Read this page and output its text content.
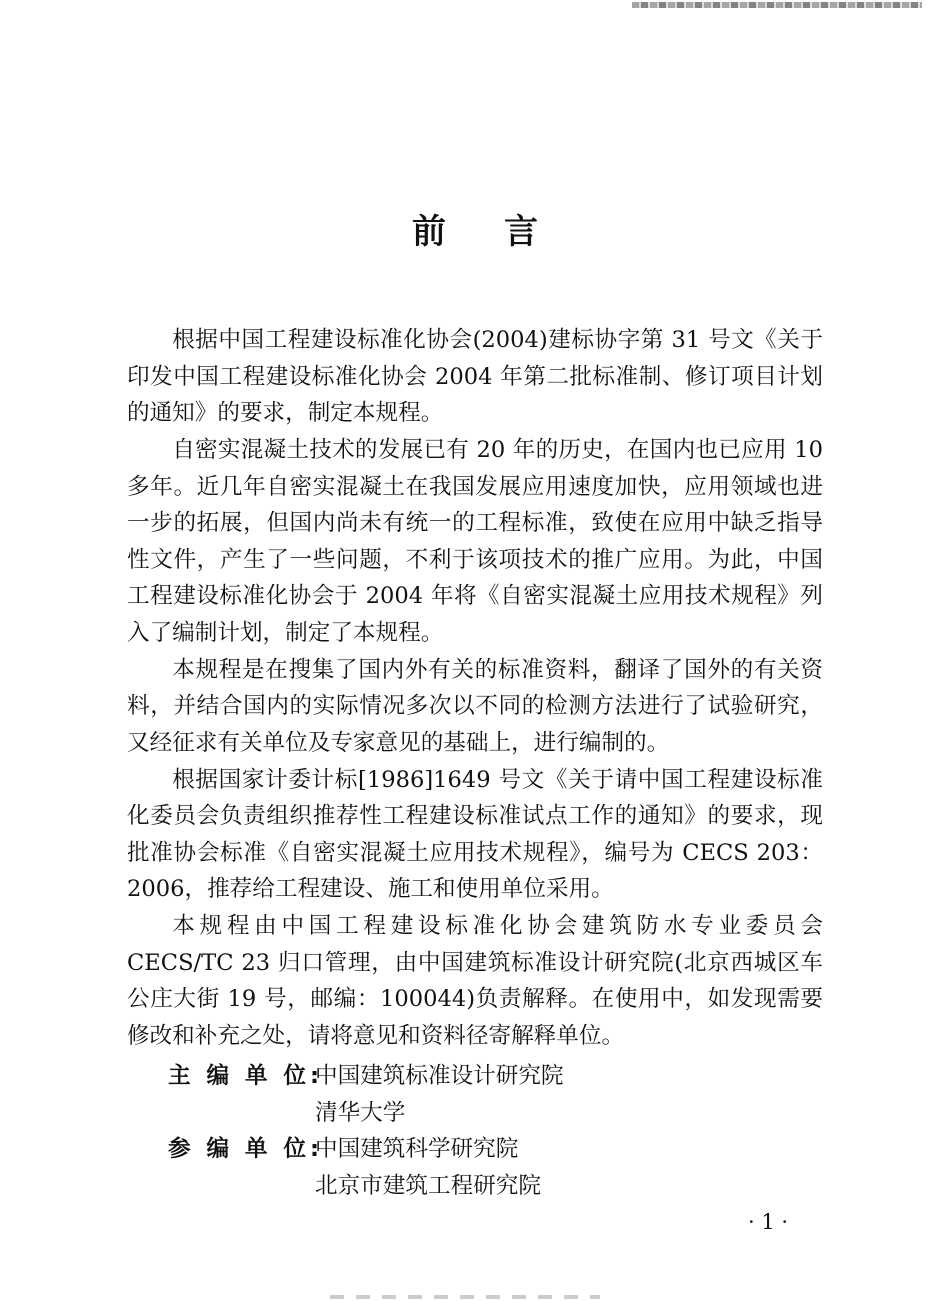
前 言

根据中国工程建设标准化协会(2004)建标协字第 31 号文《关于印发中国工程建设标准化协会 2004 年第二批标准制、修订项目计划的通知》的要求，制定本规程。

自密实混凝土技术的发展已有 20 年的历史，在国内也已应用 10 多年。近几年自密实混凝土在我国发展应用速度加快，应用领域也进一步的拓展，但国内尚未有统一的工程标准，致使在应用中缺乏指导性文件，产生了一些问题，不利于该项技术的推广应用。为此，中国工程建设标准化协会于 2004 年将《自密实混凝土应用技术规程》列入了编制计划，制定了本规程。

本规程是在搜集了国内外有关的标准资料，翻译了国外的有关资料，并结合国内的实际情况多次以不同的检测方法进行了试验研究，又经征求有关单位及专家意见的基础上，进行编制的。

根据国家计委计标[1986]1649 号文《关于请中国工程建设标准化委员会负责组织推荐性工程建设标准试点工作的通知》的要求，现批准协会标准《自密实混凝土应用技术规程》，编号为 CECS 203：2006，推荐给工程建设、施工和使用单位采用。

本规程由中国工程建设标准化协会建筑防水专业委员会 CECS/TC 23 归口管理，由中国建筑标准设计研究院(北京西城区车公庄大街 19 号，邮编：100044)负责解释。在使用中，如发现需要修改和补充之处，请将意见和资料径寄解释单位。

主 编 单 位:
中国建筑标准设计研究院
清华大学
参 编 单 位:
中国建筑科学研究院
北京市建筑工程研究院
· 1 ·
